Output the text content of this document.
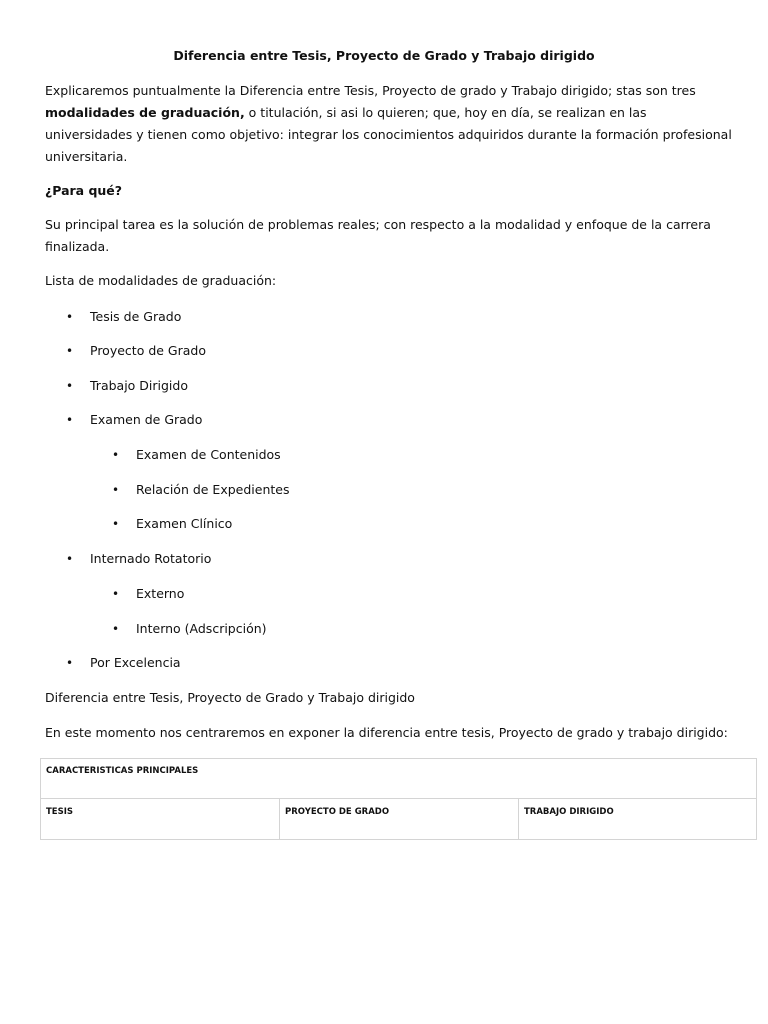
Diferencia entre Tesis, Proyecto de Grado y Trabajo dirigido

Explicaremos puntualmente la Diferencia entre Tesis, Proyecto de grado y Trabajo dirigido; stas son tres modalidades de graduación, o titulación, si asi lo quieren; que, hoy en día, se realizan en las universidades y tienen como objetivo: integrar los conocimientos adquiridos durante la formación profesional universitaria.

¿Para qué?

Su principal tarea es la solución de problemas reales; con respecto a la modalidad y enfoque de la carrera finalizada.

Lista de modalidades de graduación:

• Tesis de Grado
• Proyecto de Grado
• Trabajo Dirigido
• Examen de Grado
• Examen de Contenidos
• Relación de Expedientes
• Examen Clínico
• Internado Rotatorio
• Externo
• Interno (Adscripción)
• Por Excelencia

Diferencia entre Tesis, Proyecto de Grado y Trabajo dirigido

En este momento nos centraremos en exponer la diferencia entre tesis, Proyecto de grado y trabajo dirigido:

CARACTERISTICAS PRINCIPALES
TESIS	PROYECTO DE GRADO	TRABAJO DIRIGIDO
